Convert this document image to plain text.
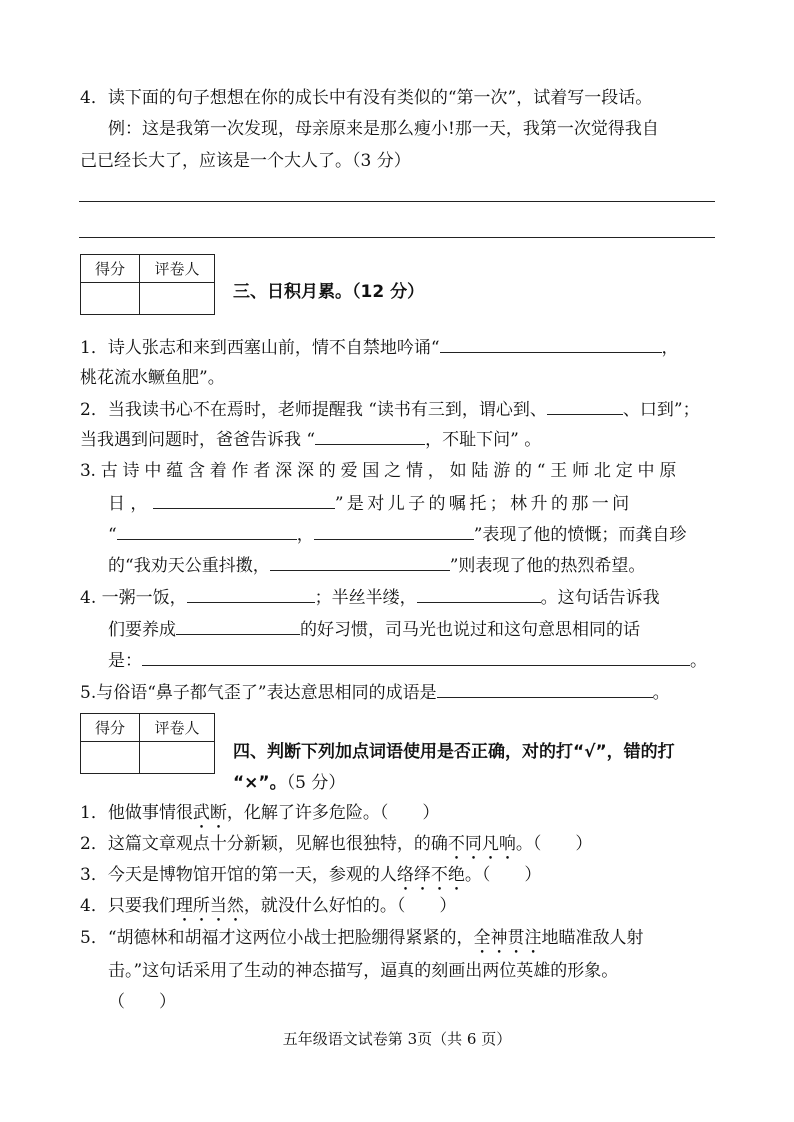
4．读下面的句子想想在你的成长中有没有类似的“第一次”，试着写一段话。
例：这是我第一次发现，母亲原来是那么瘦小!那一天，我第一次觉得我自
己已经长大了，应该是一个大人了。（3 分）
得分	评卷人

三、日积月累。（12 分）
1．诗人张志和来到西塞山前，情不自禁地吟诵“	，
桃花流水鳜鱼肥”。
2．当我读书心不在焉时，老师提醒我 “读书有三到，谓心到、	、口到”；
当我遇到问题时，爸爸告诉我 “	，不耻下问” 。
3. 古 诗 中 蕴 含 着 作 者 深 深 的 爱 国 之 情 ， 如 陆 游 的 “ 王 师 北 定 中 原
日 ，	” 是 对 儿 子 的 嘱 托 ； 林 升 的 那 一 问
“	，	”表现了他的愤慨；而龚自珍
的“我劝天公重抖擞，	”则表现了他的热烈希望。
4. 一粥一饭，	；半丝半缕，	。这句话告诉我
们要养成	的好习惯，司马光也说过和这句意思相同的话
是：	。
5.与俗语“鼻子都气歪了”表达意思相同的成语是	。
得分	评卷人

四、判断下列加点词语使用是否正确，对的打“√”，错的打
“×”。（5 分）
1．他做事情很武断，化解了许多危险。（　　）
2．这篇文章观点十分新颖，见解也很独特，的确不同凡响。（　　）
3．今天是博物馆开馆的第一天，参观的人络绎不绝。（　　）
4．只要我们理所当然，就没什么好怕的。（　　）
5．“胡德林和胡福才这两位小战士把脸绷得紧紧的，全神贯注地瞄准敌人射
击。”这句话采用了生动的神态描写，逼真的刻画出两位英雄的形象。
（　　）
五年级语文试卷第 3页（共 6 页）
